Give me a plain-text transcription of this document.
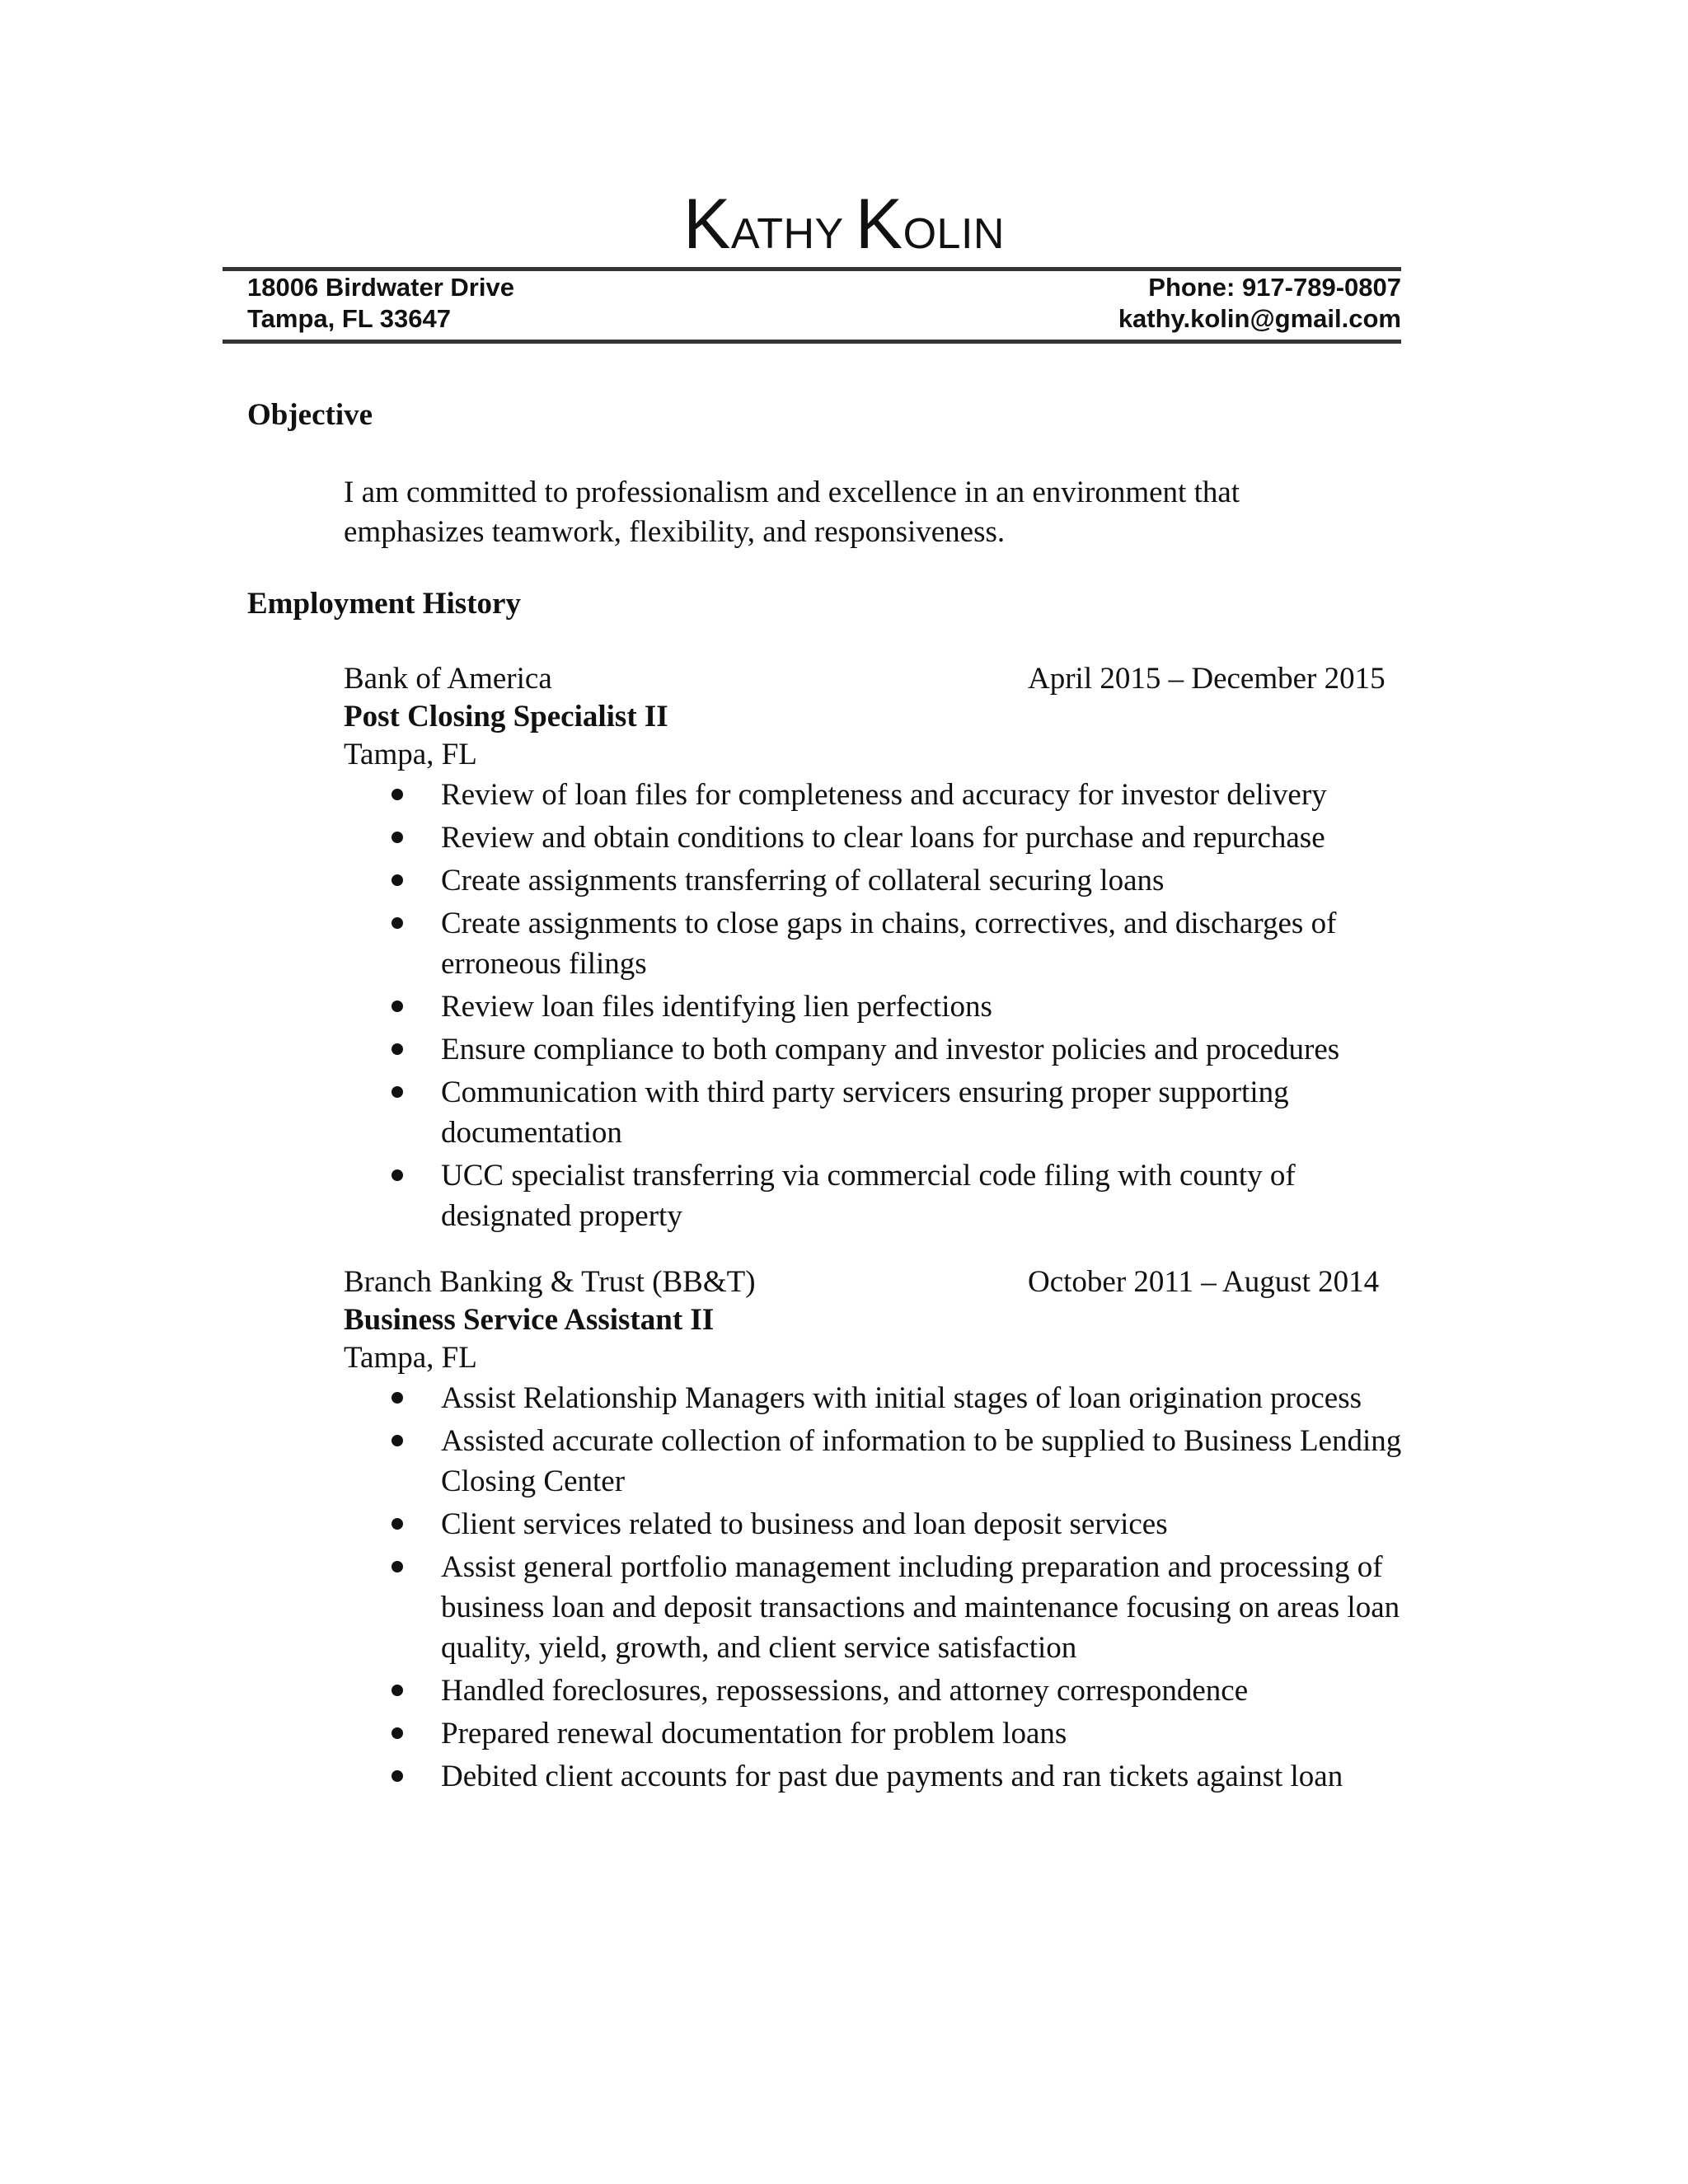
KATHY KOLIN
18006 Birdwater Drive
Tampa, FL 33647
Phone: 917-789-0807
kathy.kolin@gmail.com
Objective
I am committed to professionalism and excellence in an environment that
emphasizes teamwork, flexibility, and responsiveness.
Employment History
Bank of America	April 2015 – December 2015
Post Closing Specialist II
Tampa, FL
Review of loan files for completeness and accuracy for investor delivery
Review and obtain conditions to clear loans for purchase and repurchase
Create assignments transferring of collateral securing loans
Create assignments to close gaps in chains, correctives, and discharges of erroneous filings
Review loan files identifying lien perfections
Ensure compliance to both company and investor policies and procedures
Communication with third party servicers ensuring proper supporting documentation
UCC specialist transferring via commercial code filing with county of designated property
Branch Banking & Trust (BB&T)	October 2011 – August 2014
Business Service Assistant II
Tampa, FL
Assist Relationship Managers with initial stages of loan origination process
Assisted accurate collection of information to be supplied to Business Lending Closing Center
Client services related to business and loan deposit services
Assist general portfolio management including preparation and processing of business loan and deposit transactions and maintenance focusing on areas loan quality, yield, growth, and client service satisfaction
Handled foreclosures, repossessions, and attorney correspondence
Prepared renewal documentation for problem loans
Debited client accounts for past due payments and ran tickets against loan
